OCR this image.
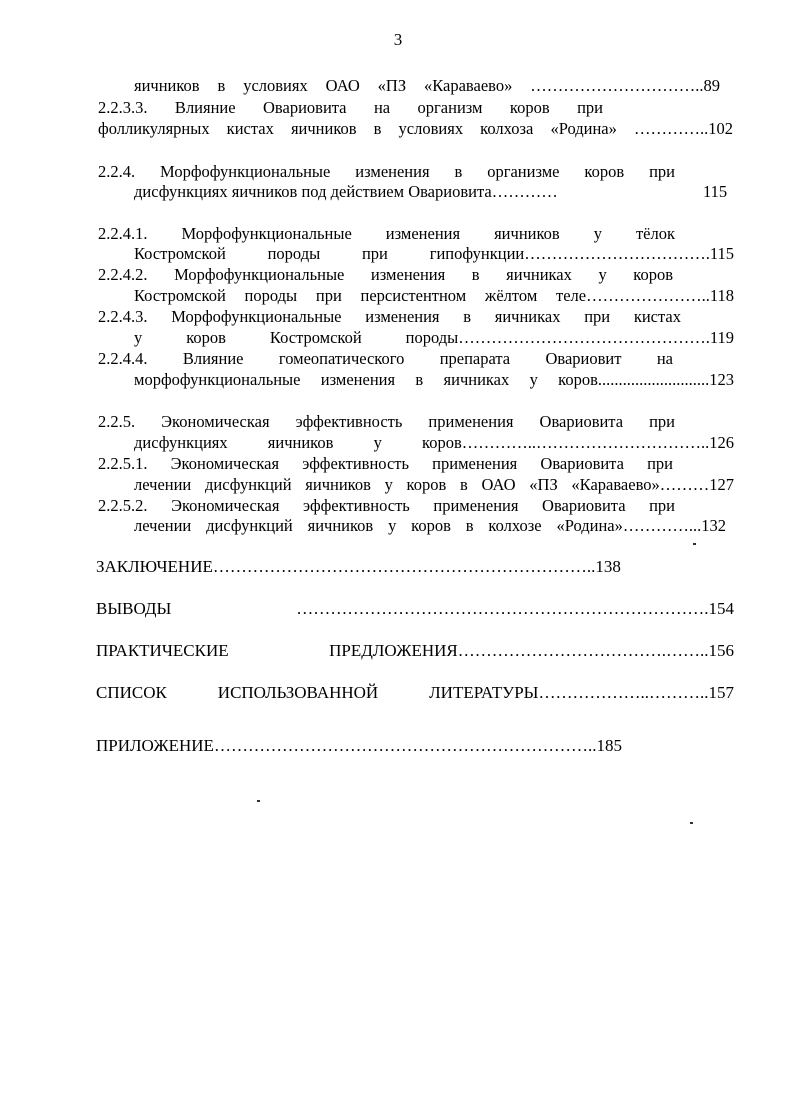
3
яичников в условиях ОАО «ПЗ «Караваево» …………………………..89
2.2.3.3. Влияние Овариовита на организм коров при
фолликулярных кистах яичников в условиях колхоза «Родина» …………..102
2.2.4. Морфофункциональные изменения в организме коров при
дисфункциях яичников под действием Овариовита…………	115
2.2.4.1. Морфофункциональные изменения яичников у тёлок
Костромской породы при гипофункции…………………………….115
2.2.4.2. Морфофункциональные изменения в яичниках у коров
Костромской породы при персистентном жёлтом теле…………………..118
2.2.4.3. Морфофункциональные изменения в яичниках при кистах
у коров Костромской породы……………………………………….119
2.2.4.4. Влияние гомеопатического препарата Овариовит на
морфофункциональные изменения в яичниках у коров...........................123
2.2.5. Экономическая эффективность применения Овариовита при
дисфункциях яичников у коров…………..…………………………..126
2.2.5.1. Экономическая эффективность применения Овариовита при
лечении дисфункций яичников у коров в ОАО «ПЗ «Караваево»………127
2.2.5.2. Экономическая эффективность применения Овариовита при
лечении дисфункций яичников у коров в колхозе «Родина»…………...132
ЗАКЛЮЧЕНИЕ…………………………………………………………..138
ВЫВОДЫ ……………………………………………………………….154
ПРАКТИЧЕСКИЕ ПРЕДЛОЖЕНИЯ……………………………….……..156
СПИСОК ИСПОЛЬЗОВАННОЙ ЛИТЕРАТУРЫ………………..………..157
ПРИЛОЖЕНИЕ…………………………………………………………..185
